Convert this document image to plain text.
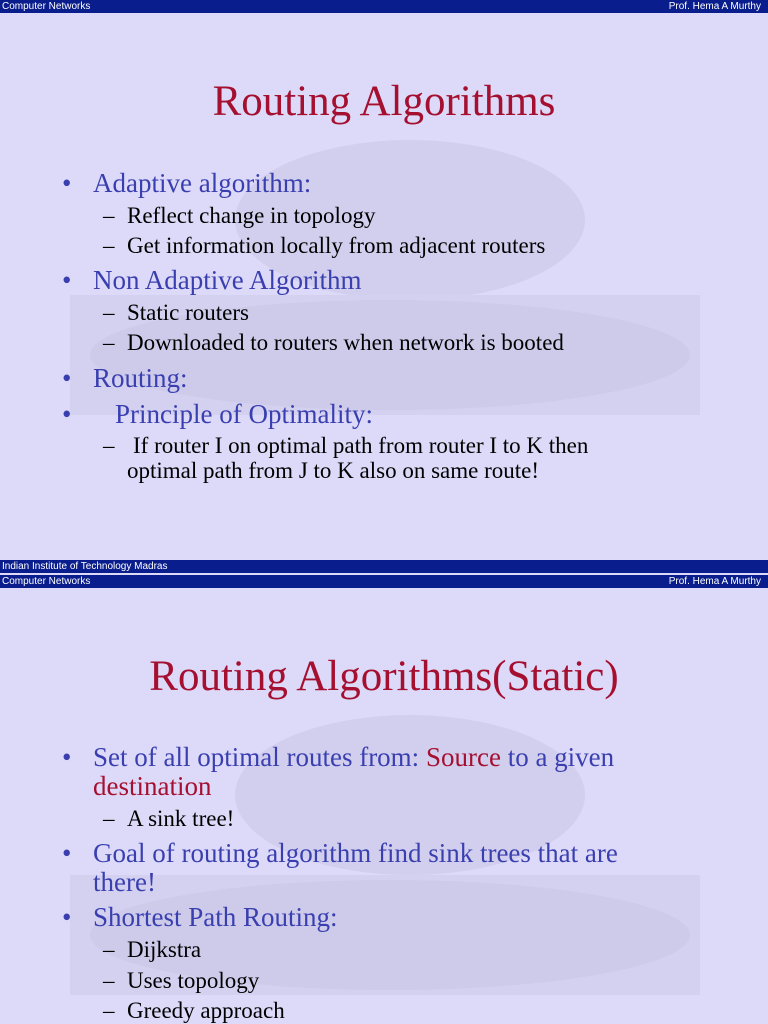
Computer Networks	Prof. Hema A Murthy
Routing Algorithms
• Adaptive algorithm:
– Reflect change in topology
– Get information locally from adjacent routers
• Non Adaptive Algorithm
– Static routers
– Downloaded to routers when network is booted
• Routing:
• Principle of Optimality:
– If router I on optimal path from router I to K then
optimal path from J to K also on same route!
Indian Institute of Technology Madras
Computer Networks	Prof. Hema A Murthy
Routing Algorithms(Static)
• Set of all optimal routes from: Source to a given
destination
– A sink tree!
• Goal of routing algorithm find sink trees that are
there!
• Shortest Path Routing:
– Dijkstra
– Uses topology
– Greedy approach
